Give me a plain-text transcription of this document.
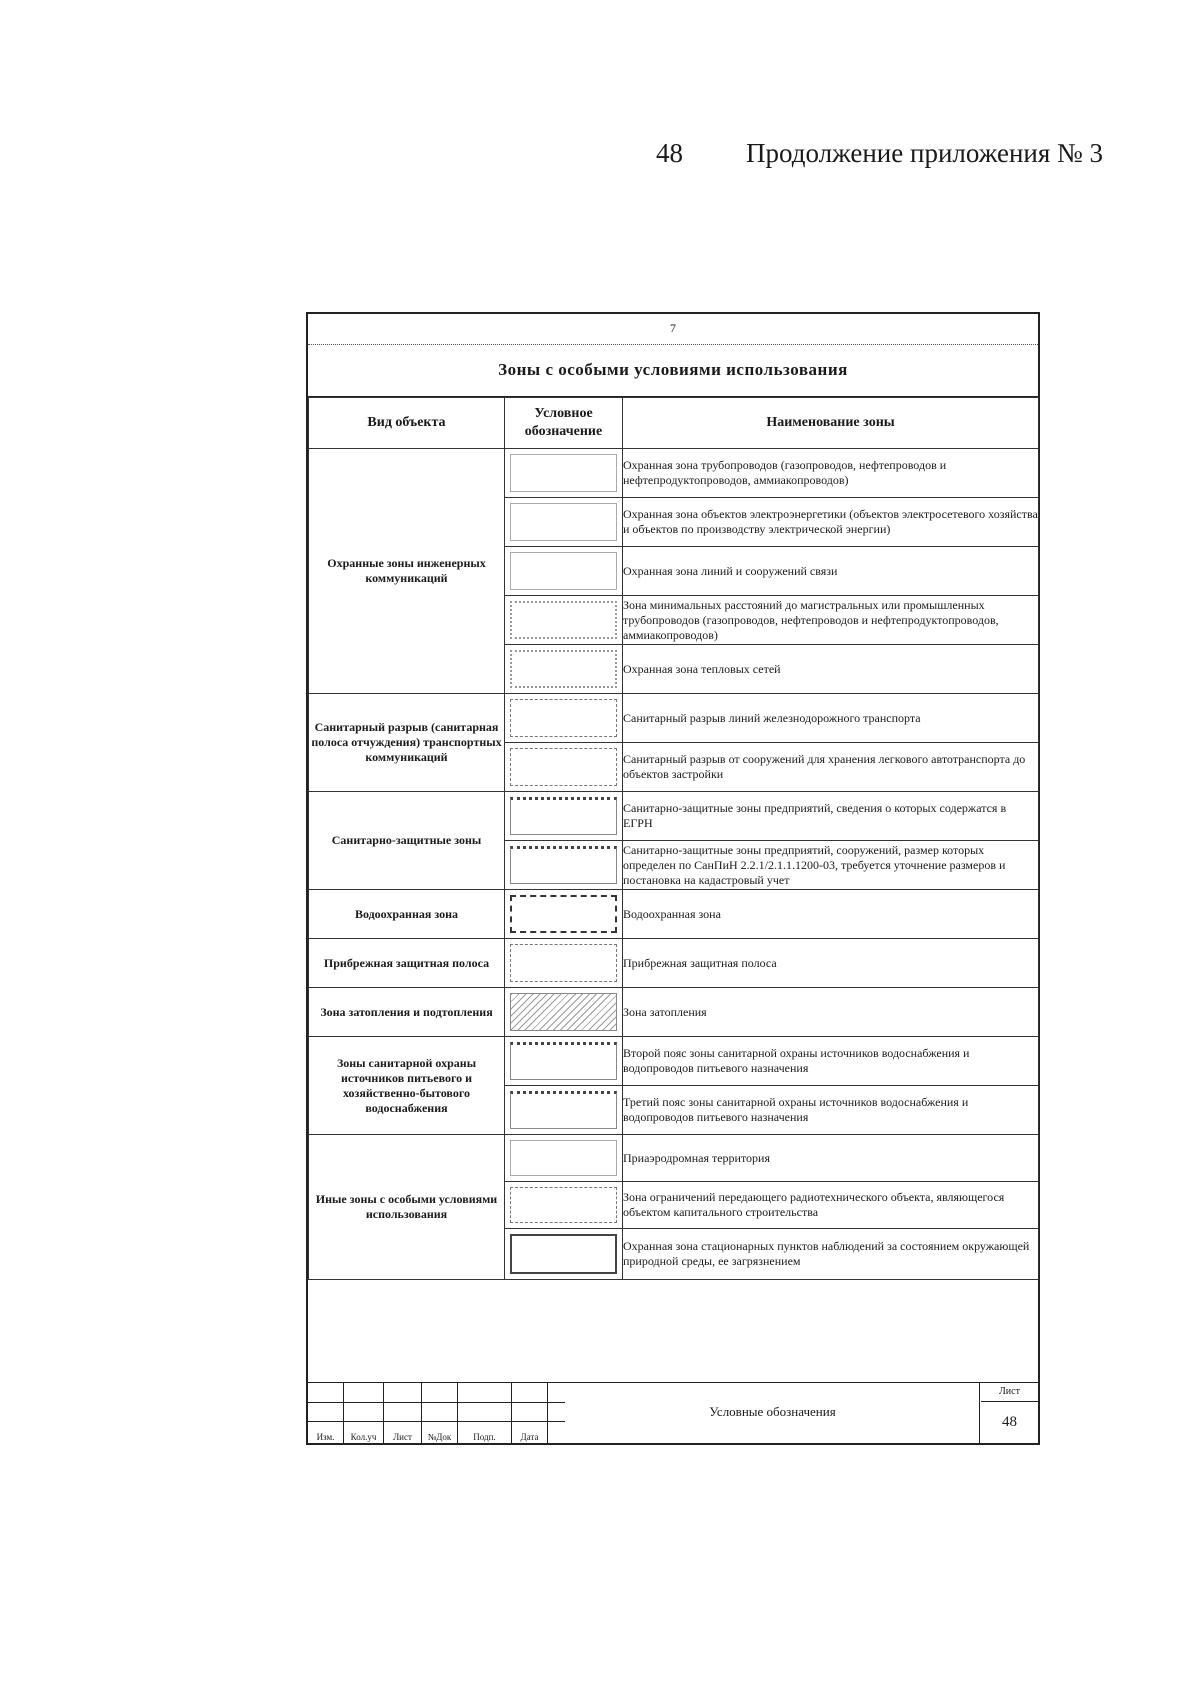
48 Продолжение приложения № 3
7
Зоны с особыми условиями использования
Вид объекта	Условное обозначение	Наименование зоны
Охранные зоны инженерных коммуникаций		Охранная зона трубопроводов (газопроводов, нефтепроводов и нефтепродуктопроводов, аммиакопроводов)

		Охранная зона объектов электроэнергетики (объектов электросетевого хозяйства и объектов по производству электрической энергии)

		Охранная зона линий и сооружений связи

		Зона минимальных расстояний до магистральных или промышленных трубопроводов (газопроводов, нефтепроводов и нефтепродуктопроводов, аммиакопроводов)

		Охранная зона тепловых сетей
Санитарный разрыв (санитарная полоса отчуждения) транспортных коммуникаций		Санитарный разрыв линий железнодорожного транспорта

		Санитарный разрыв от сооружений для хранения легкового автотранспорта до объектов застройки
Санитарно-защитные зоны		Санитарно-защитные зоны предприятий, сведения о которых содержатся в ЕГРН

		Санитарно-защитные зоны предприятий, сооружений, размер которых определен по СанПиН 2.2.1/2.1.1.1200-03, требуется уточнение размеров и постановка на кадастровый учет
Водоохранная зона		Водоохранная зона
Прибрежная защитная полоса		Прибрежная защитная полоса
Зона затопления и подтопления		Зона затопления
Зоны санитарной охраны источников питьевого и хозяйственно-бытового водоснабжения		Второй пояс зоны санитарной охраны источников водоснабжения и водопроводов питьевого назначения

		Третий пояс зоны санитарной охраны источников водоснабжения и водопроводов питьевого назначения
Иные зоны с особыми условиями использования		Приаэродромная территория

		Зона ограничений передающего радиотехнического объекта, являющегося объектом капитального строительства

		Охранная зона стационарных пунктов наблюдений за состоянием окружающей природной среды, ее загрязнением
Изм.	Кол.уч	Лист	№Док	Подп.	Дата
Условные обозначения
Лист
48
